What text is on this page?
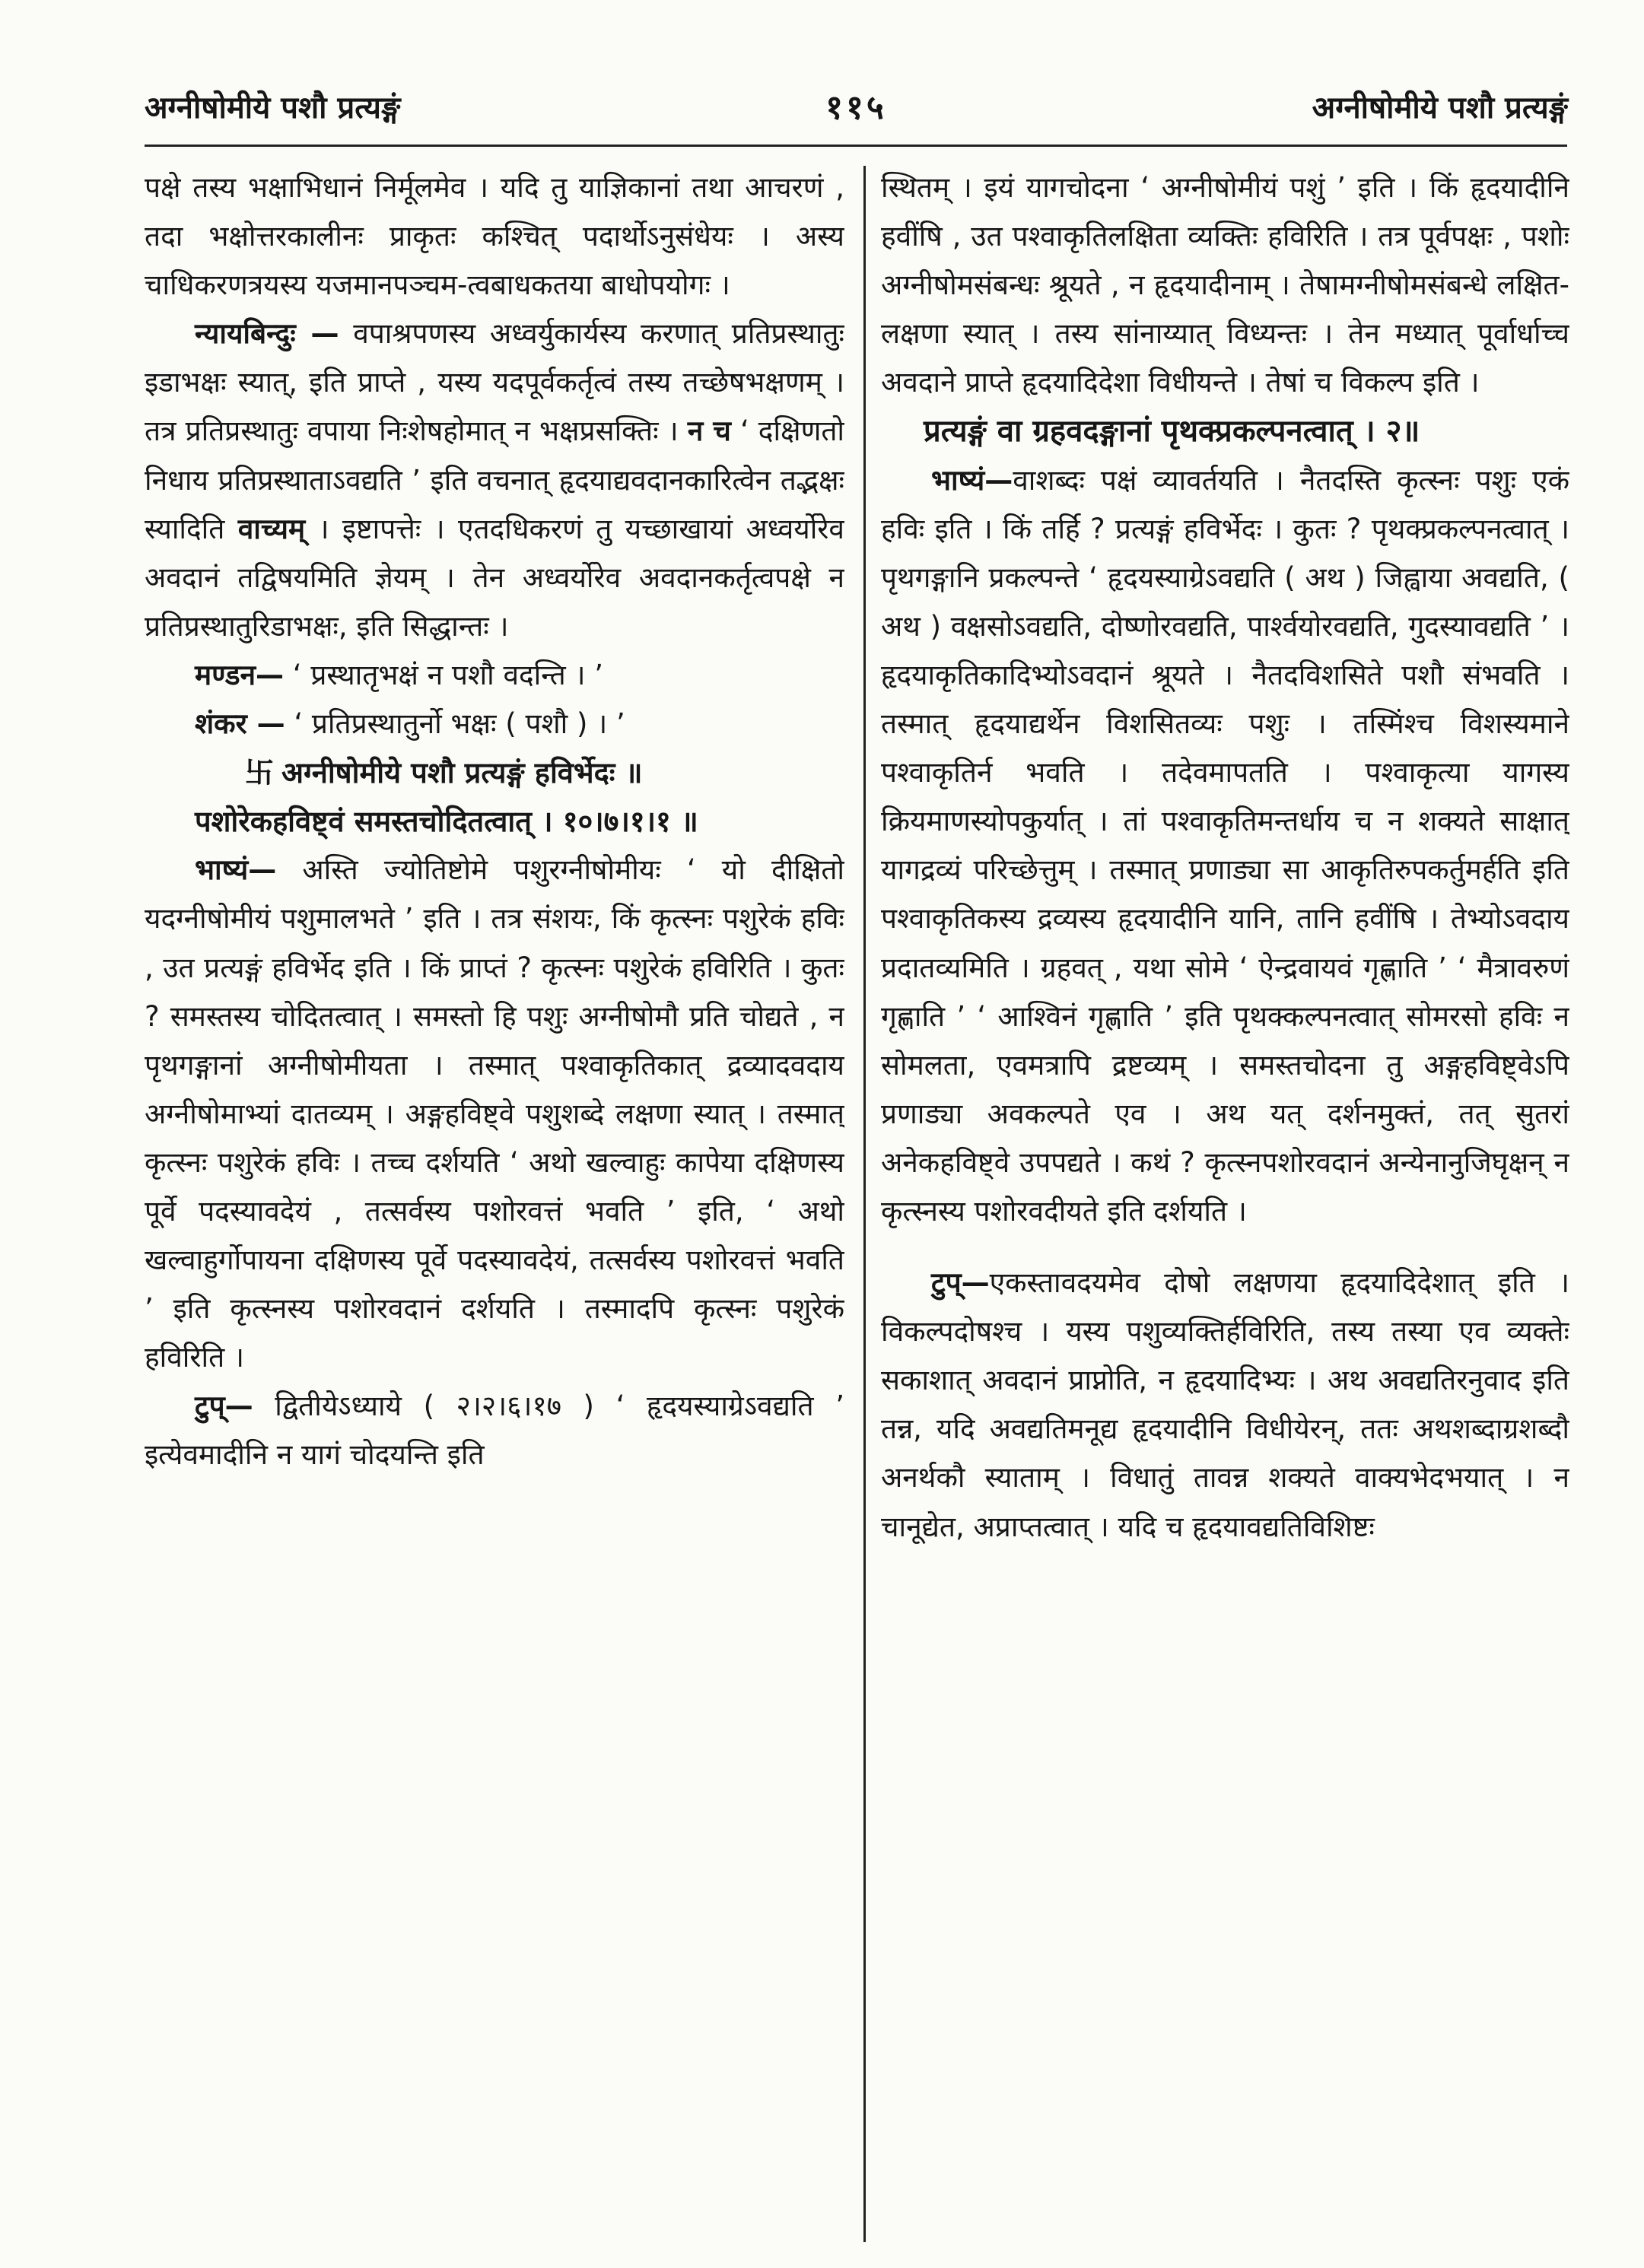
अग्नीषोमीये पशौ प्रत्यङ्गं	११५	अग्नीषोमीये पशौ प्रत्यङ्गं

पक्षे तस्य भक्षाभिधानं निर्मूलमेव । यदि तु याज्ञिकानां तथा आचरणं , तदा भक्षोत्तरकालीनः प्राकृतः कश्चित् पदार्थोऽनुसंधेयः । अस्य चाधिकरणत्रयस्य यजमानपञ्चम-त्वबाधकतया बाधोपयोगः ।

न्यायबिन्दुः — वपाश्रपणस्य अध्वर्युकार्यस्य करणात् प्रतिप्रस्थातुः इडाभक्षः स्यात्, इति प्राप्ते , यस्य यदपूर्वकर्तृत्वं तस्य तच्छेषभक्षणम् । तत्र प्रतिप्रस्थातुः वपाया निःशेषहोमात् न भक्षप्रसक्तिः । न च ‘ दक्षिणतो निधाय प्रतिप्रस्थाताऽवद्यति ’ इति वचनात् हृदयाद्यवदानकारित्वेन तद्भक्षः स्यादिति वाच्यम् । इष्टापत्तेः । एतदधिकरणं तु यच्छाखायां अध्वर्योरेव अवदानं तद्विषयमिति ज्ञेयम् । तेन अध्वर्योरेव अवदानकर्तृत्वपक्षे न प्रतिप्रस्थातुरिडाभक्षः, इति सिद्धान्तः ।

मण्डन— ‘ प्रस्थातृभक्षं न पशौ वदन्ति । ’

शंकर — ‘ प्रतिप्रस्थातुर्नो भक्षः ( पशौ ) । ’

卐 अग्नीषोमीये पशौ प्रत्यङ्गं हविर्भेदः ॥

पशोरेकहविष्ट्वं समस्तचोदितत्वात् । १०।७।१।१ ॥

भाष्यं— अस्ति ज्योतिष्टोमे पशुरग्नीषोमीयः ‘ यो दीक्षितो यदग्नीषोमीयं पशुमालभते ’ इति । तत्र संशयः, किं कृत्स्नः पशुरेकं हविः , उत प्रत्यङ्गं हविर्भेद इति । किं प्राप्तं ? कृत्स्नः पशुरेकं हविरिति । कुतः ? समस्तस्य चोदितत्वात् । समस्तो हि पशुः अग्नीषोमौ प्रति चोद्यते , न पृथगङ्गानां अग्नीषोमीयता । तस्मात् पश्वाकृतिकात् द्रव्यादवदाय अग्नीषोमाभ्यां दातव्यम् । अङ्गहविष्ट्वे पशुशब्दे लक्षणा स्यात् । तस्मात् कृत्स्नः पशुरेकं हविः । तच्च दर्शयति ‘ अथो खल्वाहुः कापेया दक्षिणस्य पूर्वे पदस्यावदेयं , तत्सर्वस्य पशोरवत्तं भवति ’ इति, ‘ अथो खल्वाहुर्गोपायना दक्षिणस्य पूर्वे पदस्यावदेयं, तत्सर्वस्य पशोरवत्तं भवति ’ इति कृत्स्नस्य पशोरवदानं दर्शयति । तस्मादपि कृत्स्नः पशुरेकं हविरिति ।

टुप्— द्वितीयेऽध्याये ( २।२।६।१७ ) ‘ हृदयस्याग्रेऽवद्यति ’ इत्येवमादीनि न यागं चोदयन्ति इति

स्थितम् । इयं यागचोदना ‘ अग्नीषोमीयं पशुं ’ इति । किं हृदयादीनि हवींषि , उत पश्वाकृतिलक्षिता व्यक्तिः हविरिति । तत्र पूर्वपक्षः , पशोः अग्नीषोमसंबन्धः श्रूयते , न हृदयादीनाम् । तेषामग्नीषोमसंबन्धे लक्षित-लक्षणा स्यात् । तस्य सांनाय्यात् विध्यन्तः । तेन मध्यात् पूर्वार्धाच्च अवदाने प्राप्ते हृदयादिदेशा विधीयन्ते । तेषां च विकल्प इति ।

प्रत्यङ्गं वा ग्रहवदङ्गानां पृथक्प्रकल्पनत्वात् । २॥

भाष्यं—वाशब्दः पक्षं व्यावर्तयति । नैतदस्ति कृत्स्नः पशुः एकं हविः इति । किं तर्हि ? प्रत्यङ्गं हविर्भेदः । कुतः ? पृथक्प्रकल्पनत्वात् । पृथगङ्गानि प्रकल्पन्ते ‘ हृदयस्याग्रेऽवद्यति ( अथ ) जिह्वाया अवद्यति, ( अथ ) वक्षसोऽवद्यति, दोष्णोरवद्यति, पार्श्वयोरवद्यति, गुदस्यावद्यति ’ । हृदयाकृतिकादिभ्योऽवदानं श्रूयते । नैतदविशसिते पशौ संभवति । तस्मात् हृदयाद्यर्थेन विशसितव्यः पशुः । तस्मिंश्च विशस्यमाने पश्वाकृतिर्न भवति । तदेवमापतति । पश्वाकृत्या यागस्य क्रियमाणस्योपकुर्यात् । तां पश्वाकृतिमन्तर्धाय च न शक्यते साक्षात् यागद्रव्यं परिच्छेत्तुम् । तस्मात् प्रणाड्या सा आकृतिरुपकर्तुमर्हति इति पश्वाकृतिकस्य द्रव्यस्य हृदयादीनि यानि, तानि हवींषि । तेभ्योऽवदाय प्रदातव्यमिति । ग्रहवत् , यथा सोमे ‘ ऐन्द्रवायवं गृह्णाति ’ ‘ मैत्रावरुणं गृह्णाति ’ ‘ आश्विनं गृह्णाति ’ इति पृथक्कल्पनत्वात् सोमरसो हविः न सोमलता, एवमत्रापि द्रष्टव्यम् । समस्तचोदना तु अङ्गहविष्ट्वेऽपि प्रणाड्या अवकल्पते एव । अथ यत् दर्शनमुक्तं, तत् सुतरां अनेकहविष्ट्वे उपपद्यते । कथं ? कृत्स्नपशोरवदानं अन्येनानुजिघृक्षन् न कृत्स्नस्य पशोरवदीयते इति दर्शयति ।

टुप्—एकस्तावदयमेव दोषो लक्षणया हृदयादिदेशात् इति । विकल्पदोषश्च । यस्य पशुव्यक्तिर्हविरिति, तस्य तस्या एव व्यक्तेः सकाशात् अवदानं प्राप्नोति, न हृदयादिभ्यः । अथ अवद्यतिरनुवाद इति तन्न, यदि अवद्यतिमनूद्य हृदयादीनि विधीयेरन्, ततः अथशब्दाग्रशब्दौ अनर्थकौ स्याताम् । विधातुं तावन्न शक्यते वाक्यभेदभयात् । न चानूद्येत, अप्राप्तत्वात् । यदि च हृदयावद्यतिविशिष्टः
